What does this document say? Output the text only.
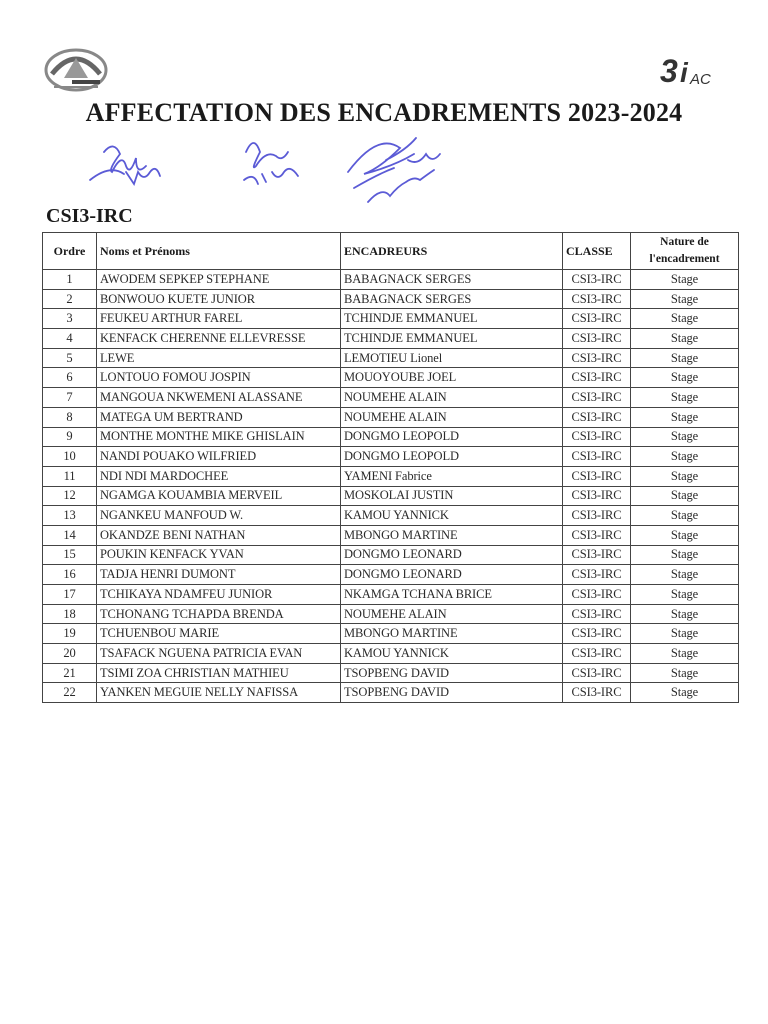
3 i AC
AFFECTATION DES ENCADREMENTS 2023-2024
CSI3-IRC
Ordre	Noms et Prénoms	ENCADREURS	CLASSE	Nature de l'encadrement
1	AWODEM SEPKEP STEPHANE	BABAGNACK SERGES	CSI3-IRC	Stage
2	BONWOUO KUETE JUNIOR	BABAGNACK SERGES	CSI3-IRC	Stage
3	FEUKEU ARTHUR FAREL	TCHINDJE EMMANUEL	CSI3-IRC	Stage
4	KENFACK CHERENNE ELLEVRESSE	TCHINDJE EMMANUEL	CSI3-IRC	Stage
5	LEWE	LEMOTIEU Lionel	CSI3-IRC	Stage
6	LONTOUO FOMOU JOSPIN	MOUOYOUBE JOEL	CSI3-IRC	Stage
7	MANGOUA NKWEMENI ALASSANE	NOUMEHE ALAIN	CSI3-IRC	Stage
8	MATEGA UM BERTRAND	NOUMEHE ALAIN	CSI3-IRC	Stage
9	MONTHE MONTHE MIKE GHISLAIN	DONGMO LEOPOLD	CSI3-IRC	Stage
10	NANDI POUAKO WILFRIED	DONGMO LEOPOLD	CSI3-IRC	Stage
11	NDI NDI MARDOCHEE	YAMENI Fabrice	CSI3-IRC	Stage
12	NGAMGA KOUAMBIA MERVEIL	MOSKOLAI JUSTIN	CSI3-IRC	Stage
13	NGANKEU MANFOUD W.	KAMOU YANNICK	CSI3-IRC	Stage
14	OKANDZE BENI NATHAN	MBONGO MARTINE	CSI3-IRC	Stage
15	POUKIN KENFACK YVAN	DONGMO LEONARD	CSI3-IRC	Stage
16	TADJA HENRI DUMONT	DONGMO LEONARD	CSI3-IRC	Stage
17	TCHIKAYA NDAMFEU JUNIOR	NKAMGA TCHANA BRICE	CSI3-IRC	Stage
18	TCHONANG TCHAPDA BRENDA	NOUMEHE ALAIN	CSI3-IRC	Stage
19	TCHUENBOU MARIE	MBONGO MARTINE	CSI3-IRC	Stage
20	TSAFACK NGUENA PATRICIA EVAN	KAMOU YANNICK	CSI3-IRC	Stage
21	TSIMI ZOA CHRISTIAN MATHIEU	TSOPBENG DAVID	CSI3-IRC	Stage
22	YANKEN MEGUIE NELLY NAFISSA	TSOPBENG DAVID	CSI3-IRC	Stage
